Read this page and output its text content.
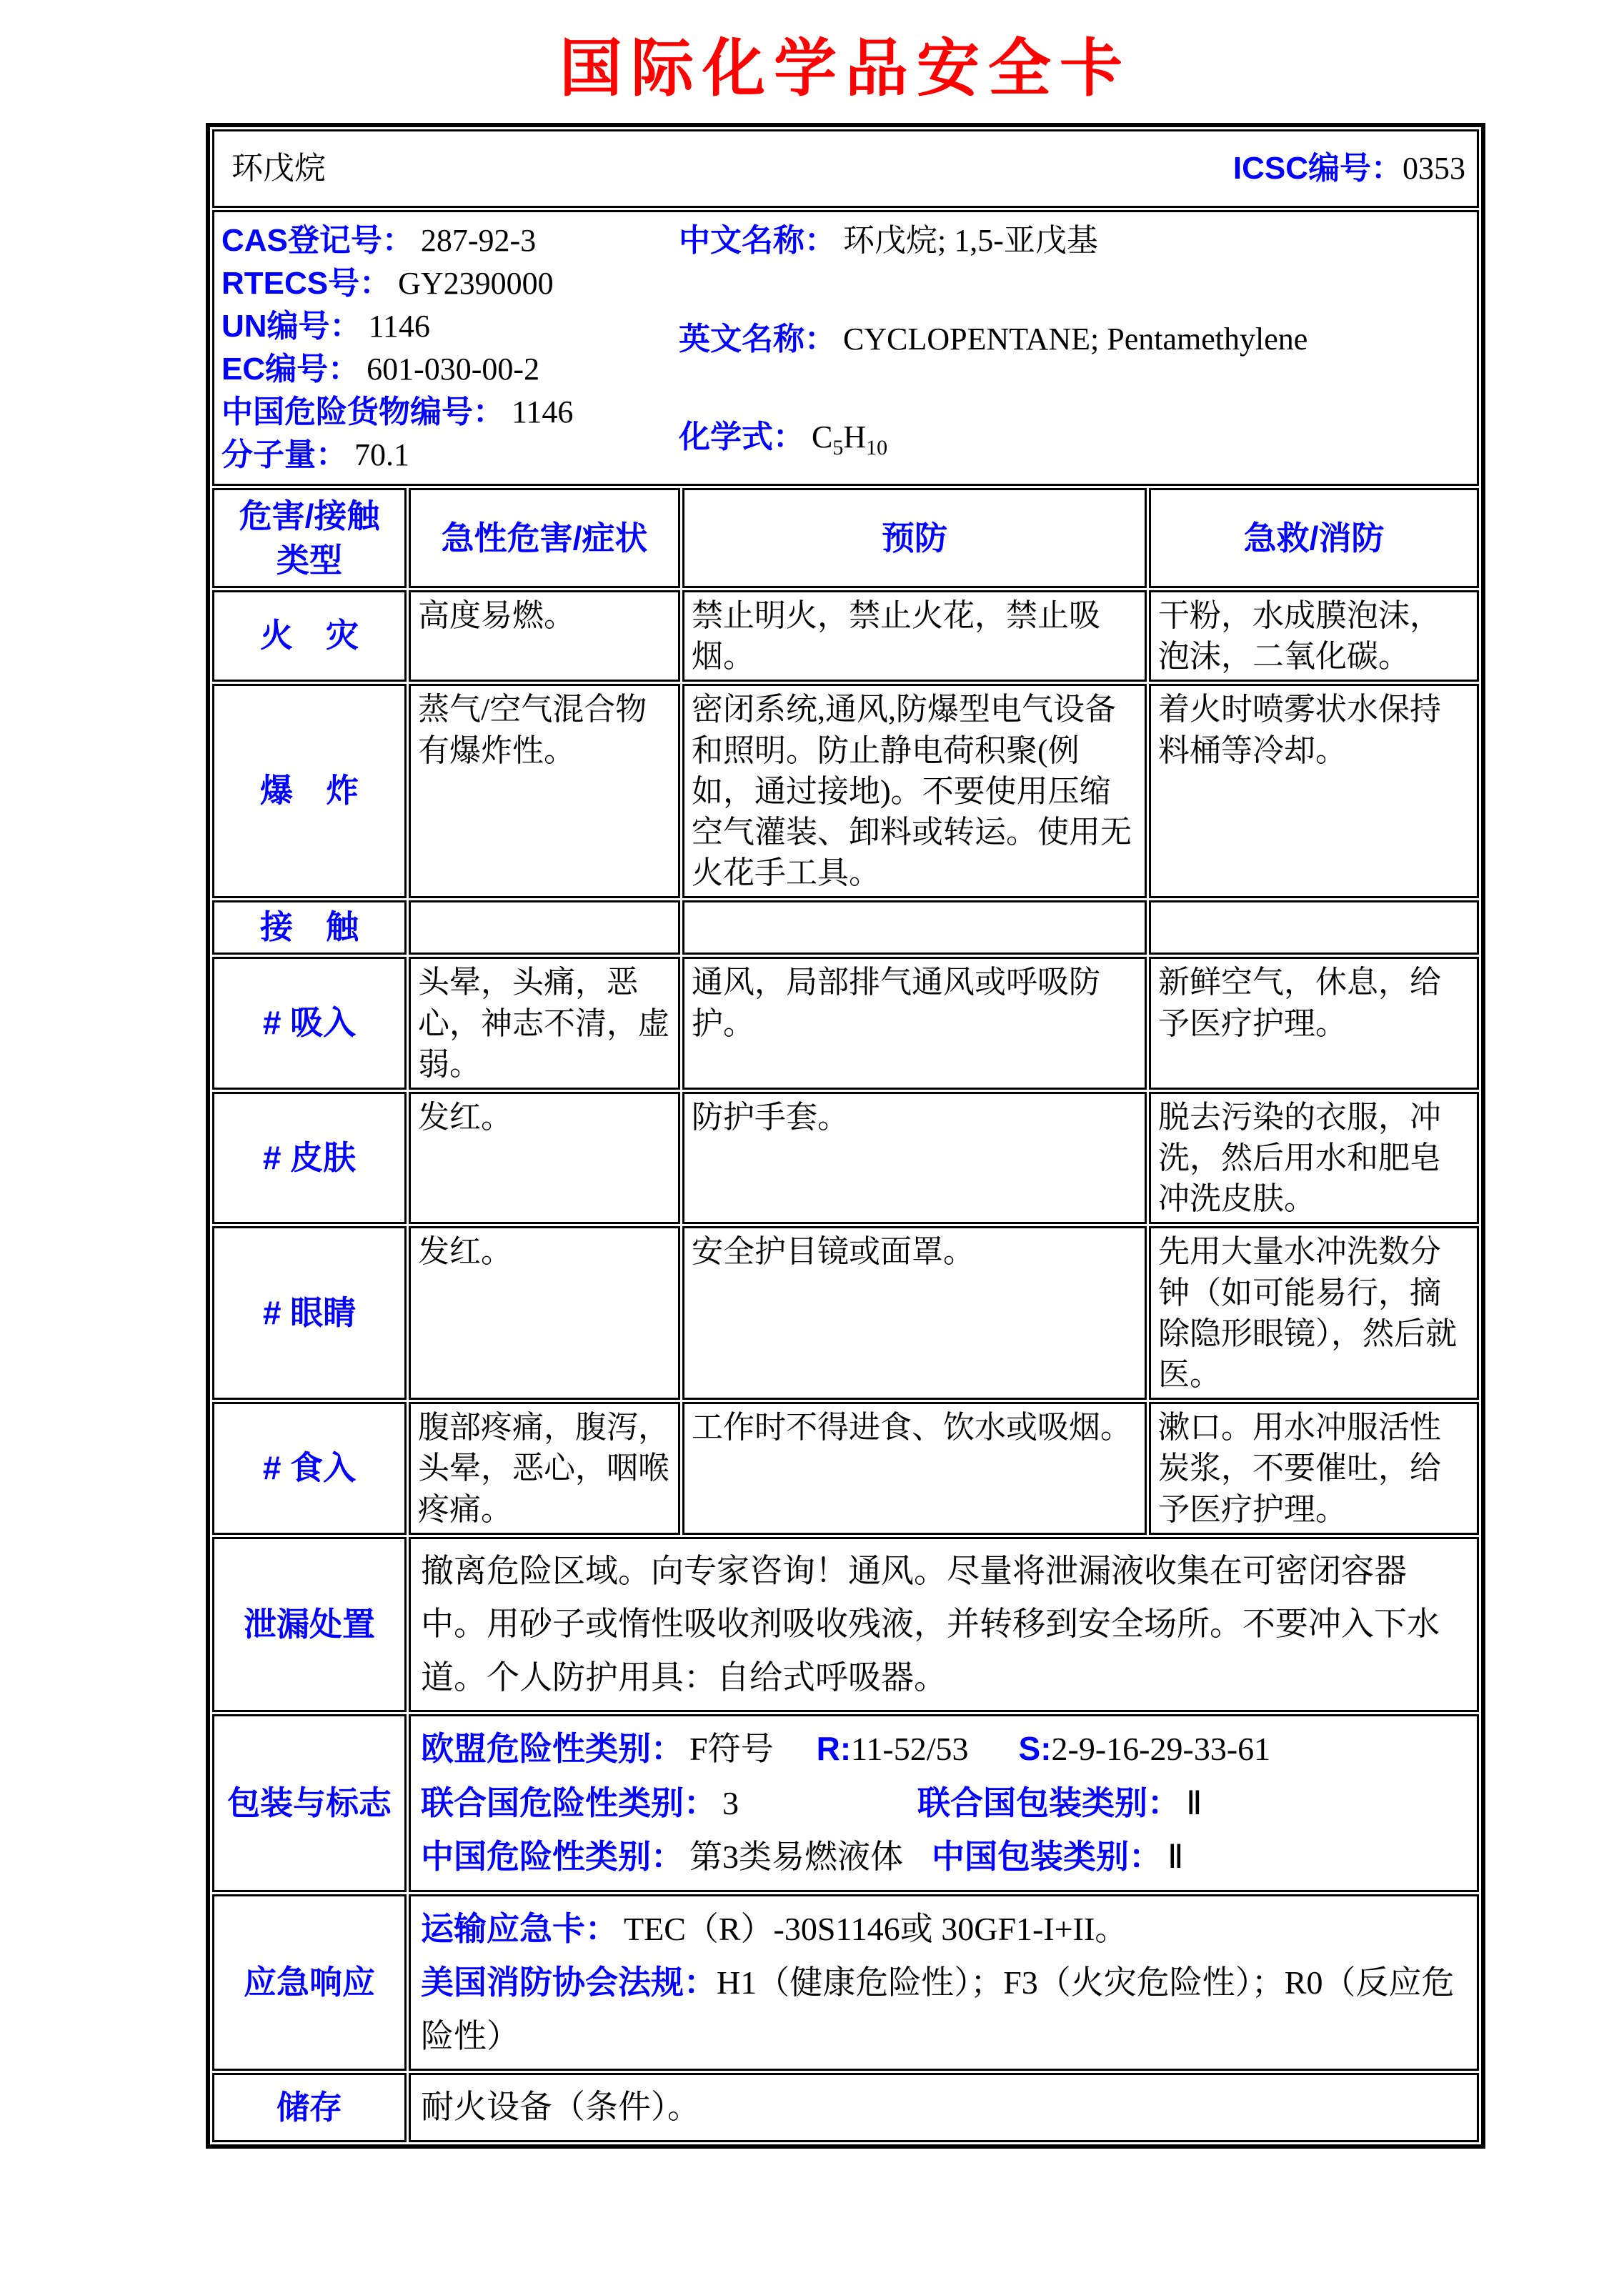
国际化学品安全卡
环戊烷 ICSC编号：0353			

CAS登记号： 287-92-3
RTECS号： GY2390000
UN编号： 1146
EC编号： 601-030-00-2
中国危险货物编号： 1146
分子量： 70.1
中文名称： 环戊烷; 1,5-亚戊基
英文名称： CYCLOPENTANE; Pentamethylene
化学式： $C_5H_{10}$

危害/接触
类型	急性危害/症状	预防	急救/消防
火　灾	高度易燃。	禁止明火，禁止火花，禁止吸烟。	干粉，水成膜泡沫，泡沫，二氧化碳。
爆　炸	蒸气/空气混合物有爆炸性。	密闭系统,通风,防爆型电气设备和照明。防止静电荷积聚(例如，通过接地)。不要使用压缩空气灌装、卸料或转运。使用无火花手工具。	着火时喷雾状水保持料桶等冷却。
接　触			
# 吸入	头晕，头痛，恶心，神志不清，虚弱。	通风，局部排气通风或呼吸防护。	新鲜空气，休息，给予医疗护理。
# 皮肤	发红。	防护手套。	脱去污染的衣服，冲洗，然后用水和肥皂冲洗皮肤。
# 眼睛	发红。	安全护目镜或面罩。	先用大量水冲洗数分钟（如可能易行，摘除隐形眼镜），然后就医。
# 食入	腹部疼痛，腹泻，头晕，恶心，咽喉疼痛。	工作时不得进食、饮水或吸烟。	漱口。用水冲服活性炭浆，不要催吐，给予医疗护理。
泄漏处置	撤离危险区域。向专家咨询！通风。尽量将泄漏液收集在可密闭容器中。用砂子或惰性吸收剂吸收残液，并转移到安全场所。不要冲入下水道。个人防护用具：自给式呼吸器。		
包装与标志	欧盟危险性类别： F符号 R:11-52/53 S:2-9-16-29-33-61
联合国危险性类别： 3 联合国包装类别： Ⅱ
中国危险性类别： 第3类易燃液体 中国包装类别： Ⅱ		

应急响应	运输应急卡： TEC（R）-30S1146或 30GF1-I+II。
美国消防协会法规：H1（健康危险性）；F3（火灾危险性）；R0（反应危险性）		

储存	耐火设备（条件）。		
